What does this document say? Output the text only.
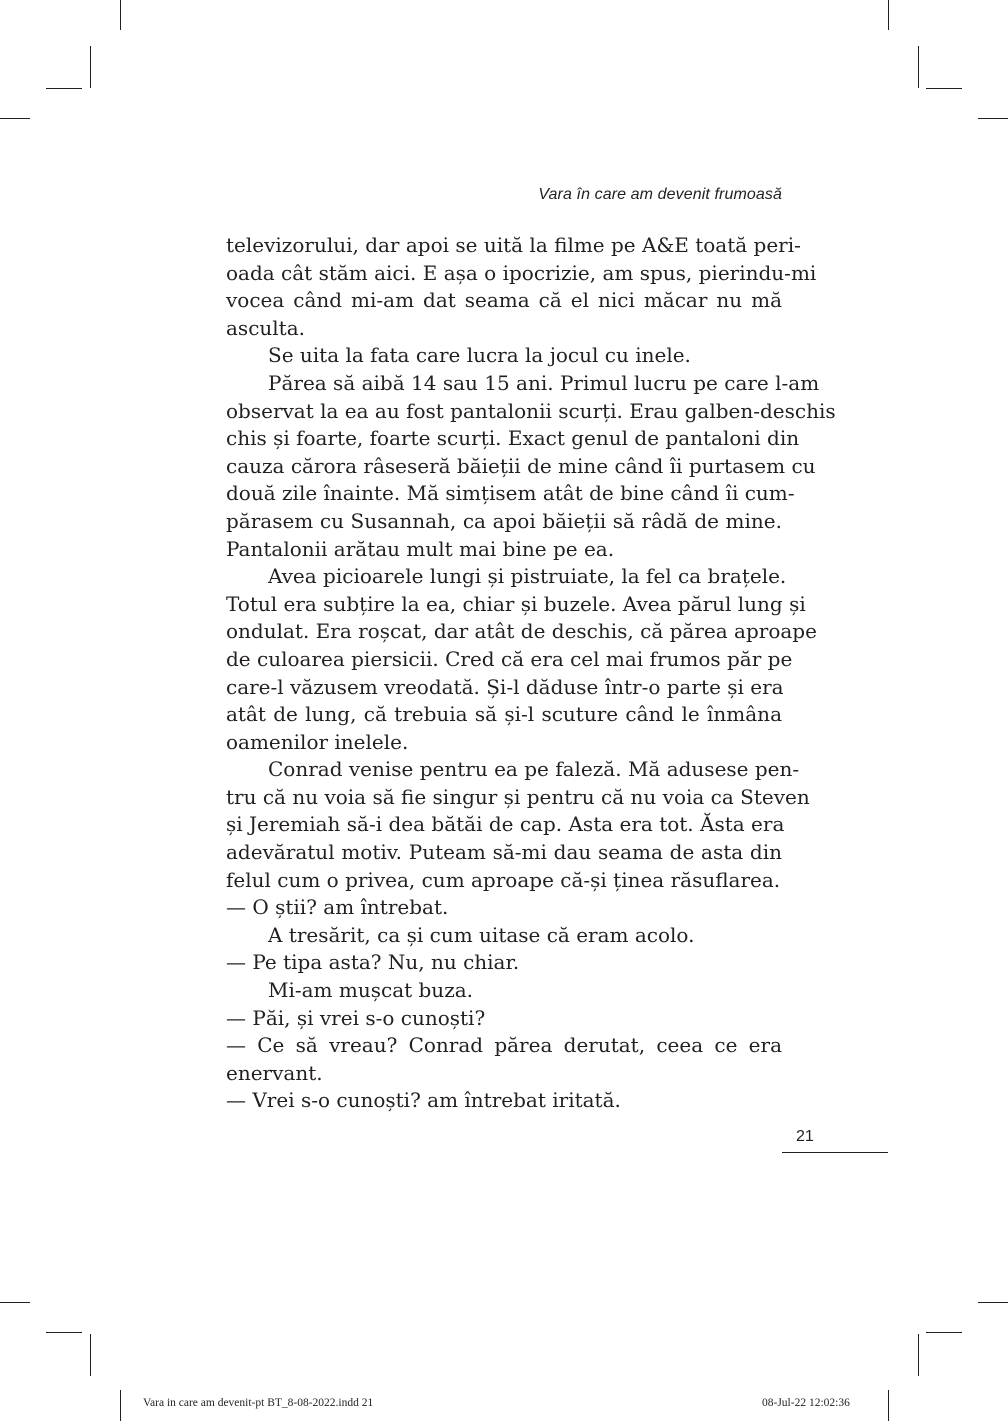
Vara în care am devenit frumoasă
televizorului, dar apoi se uită la filme pe A&E toată peri-
oada cât stăm aici. E așa o ipocrizie, am spus, pierindu-mi
vocea când mi-am dat seama că el nici măcar nu mă
asculta.
Se uita la fata care lucra la jocul cu inele.
Părea să aibă 14 sau 15 ani. Primul lucru pe care l-am
observat la ea au fost pantalonii scurți. Erau galben-deschis
chis și foarte, foarte scurți. Exact genul de pantaloni din
cauza cărora râseseră băieții de mine când îi purtasem cu
două zile înainte. Mă simțisem atât de bine când îi cum-
părasem cu Susannah, ca apoi băieții să râdă de mine.
Pantalonii arătau mult mai bine pe ea.
Avea picioarele lungi și pistruiate, la fel ca brațele.
Totul era subțire la ea, chiar și buzele. Avea părul lung și
ondulat. Era roșcat, dar atât de deschis, că părea aproape
de culoarea piersicii. Cred că era cel mai frumos păr pe
care-l văzusem vreodată. Și-l dăduse într-o parte și era
atât de lung, că trebuia să și-l scuture când le înmâna
oamenilor inelele.
Conrad venise pentru ea pe faleză. Mă adusese pen-
tru că nu voia să fie singur și pentru că nu voia ca Steven
și Jeremiah să-i dea bătăi de cap. Asta era tot. Ăsta era
adevăratul motiv. Puteam să-mi dau seama de asta din
felul cum o privea, cum aproape că-și ținea răsuflarea.
— O știi? am întrebat.
A tresărit, ca și cum uitase că eram acolo.
— Pe tipa asta? Nu, nu chiar.
Mi-am mușcat buza.
— Păi, și vrei s-o cunoști?
— Ce să vreau? Conrad părea derutat, ceea ce era
enervant.
— Vrei s-o cunoști? am întrebat iritată.
21
Vara in care am devenit-pt BT_8-08-2022.indd 21	08-Jul-22 12:02:36
